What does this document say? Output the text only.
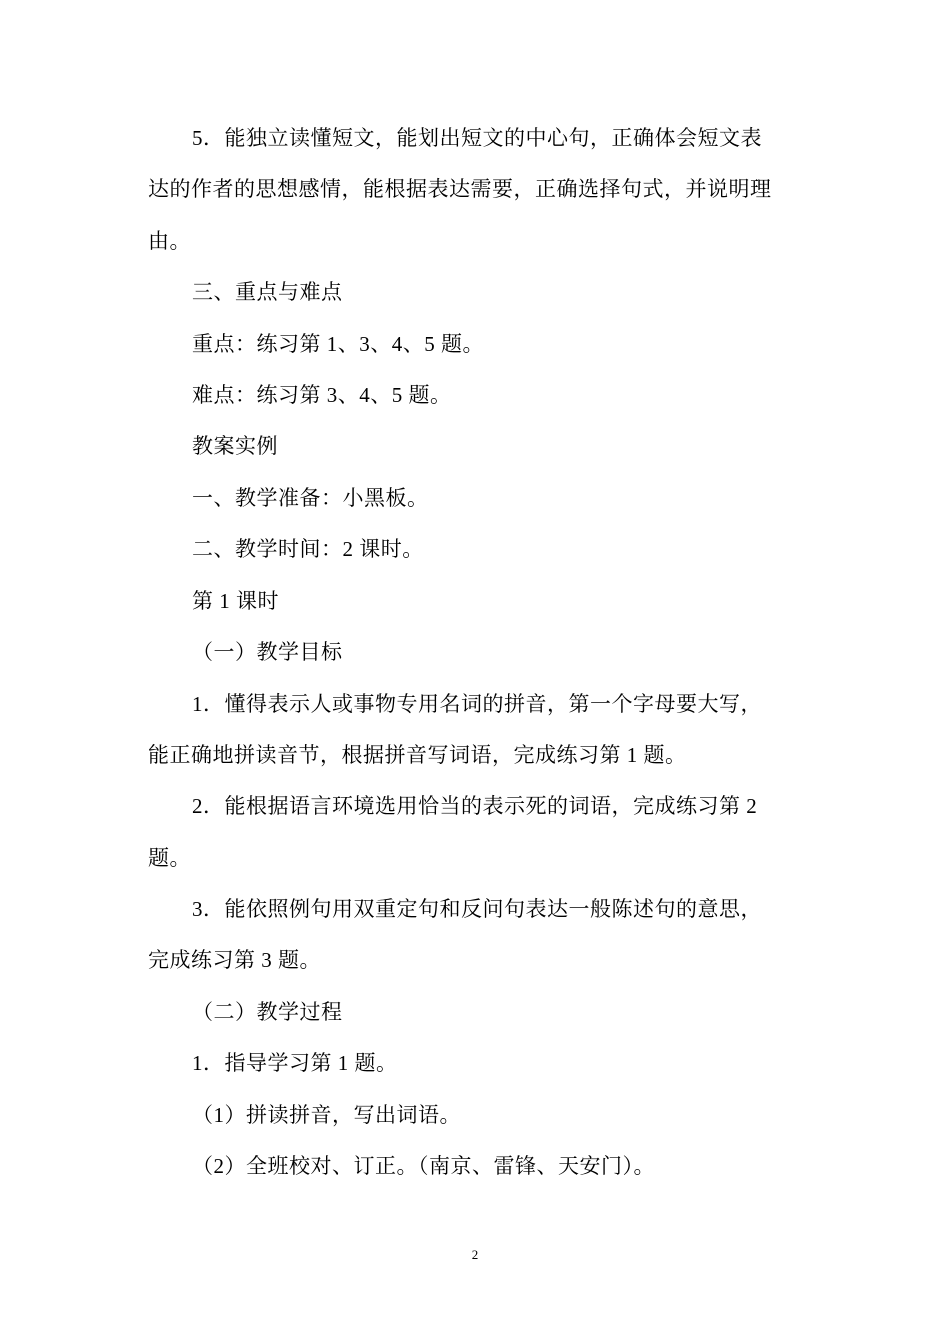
5．能独立读懂短文，能划出短文的中心句，正确体会短文表
达的作者的思想感情，能根据表达需要，正确选择句式，并说明理
由。
三、重点与难点
重点：练习第 1、3、4、5 题。
难点：练习第 3、4、5 题。
教案实例
一、教学准备：小黑板。
二、教学时间：2 课时。
第 1 课时
（一）教学目标
1．懂得表示人或事物专用名词的拼音，第一个字母要大写，
能正确地拼读音节，根据拼音写词语，完成练习第 1 题。
2．能根据语言环境选用恰当的表示死的词语，完成练习第 2
题。
3．能依照例句用双重定句和反问句表达一般陈述句的意思，
完成练习第 3 题。
（二）教学过程
1．指导学习第 1 题。
（1）拼读拼音，写出词语。
（2）全班校对、订正。（南京、雷锋、天安门）。
2
